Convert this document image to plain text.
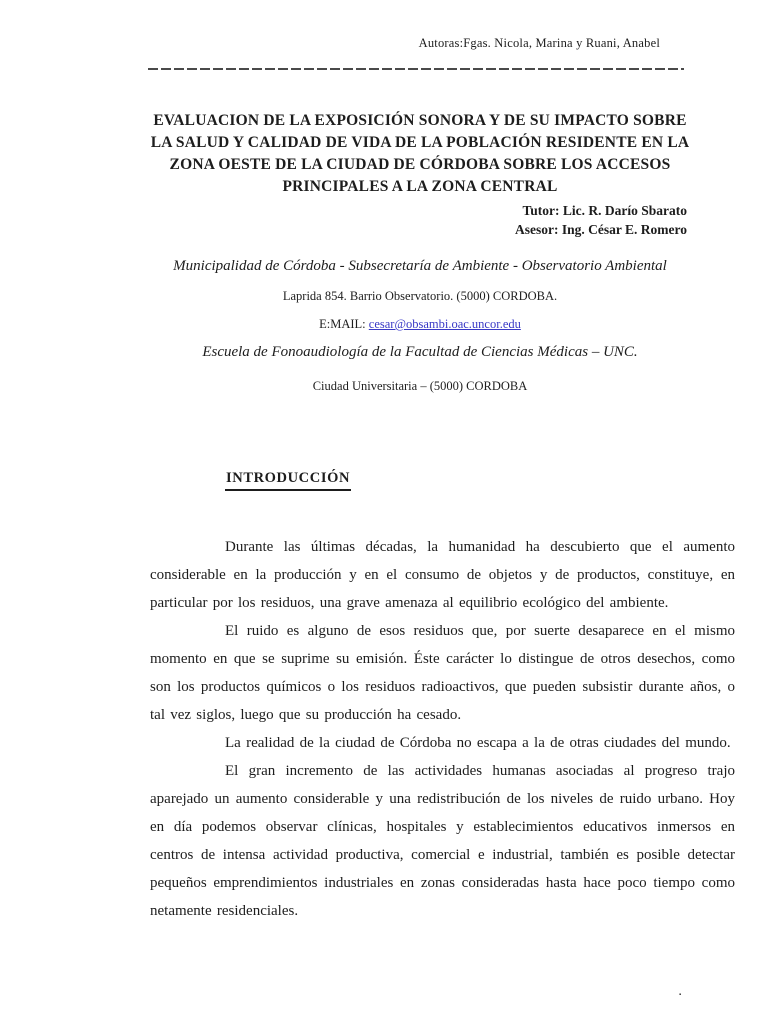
Autoras:Fgas. Nicola, Marina y Ruani, Anabel
EVALUACION DE LA EXPOSICIÓN SONORA Y DE SU IMPACTO SOBRE
LA SALUD Y CALIDAD DE VIDA DE LA POBLACIÓN RESIDENTE EN LA
ZONA OESTE DE LA CIUDAD DE CÓRDOBA SOBRE LOS ACCESOS
PRINCIPALES A LA ZONA CENTRAL
Tutor: Lic. R. Darío Sbarato
Asesor: Ing. César E. Romero
Municipalidad de Córdoba - Subsecretaría de Ambiente - Observatorio Ambiental
Laprida 854. Barrio Observatorio. (5000) CORDOBA.
E:MAIL: cesar@obsambi.oac.uncor.edu
Escuela de Fonoaudiología de la Facultad de Ciencias Médicas – UNC.
Ciudad Universitaria – (5000) CORDOBA
INTRODUCCIÓN

Durante las últimas décadas, la humanidad ha descubierto que el aumento considerable en la producción y en el consumo de objetos y de productos, constituye, en particular por los residuos, una grave amenaza al equilibrio ecológico del ambiente.

El ruido es alguno de esos residuos que, por suerte desaparece en el mismo momento en que se suprime su emisión. Éste carácter lo distingue de otros desechos, como son los productos químicos o los residuos radioactivos, que pueden subsistir durante años, o tal vez siglos, luego que su producción ha cesado.

La realidad de la ciudad de Córdoba no escapa a la de otras ciudades del mundo.

El gran incremento de las actividades humanas asociadas al progreso trajo aparejado un aumento considerable y una redistribución de los niveles de ruido urbano. Hoy en día podemos observar clínicas, hospitales y establecimientos educativos inmersos en centros de intensa actividad productiva, comercial e industrial, también es posible detectar pequeños emprendimientos industriales en zonas consideradas hasta hace poco tiempo como netamente residenciales.

▪
